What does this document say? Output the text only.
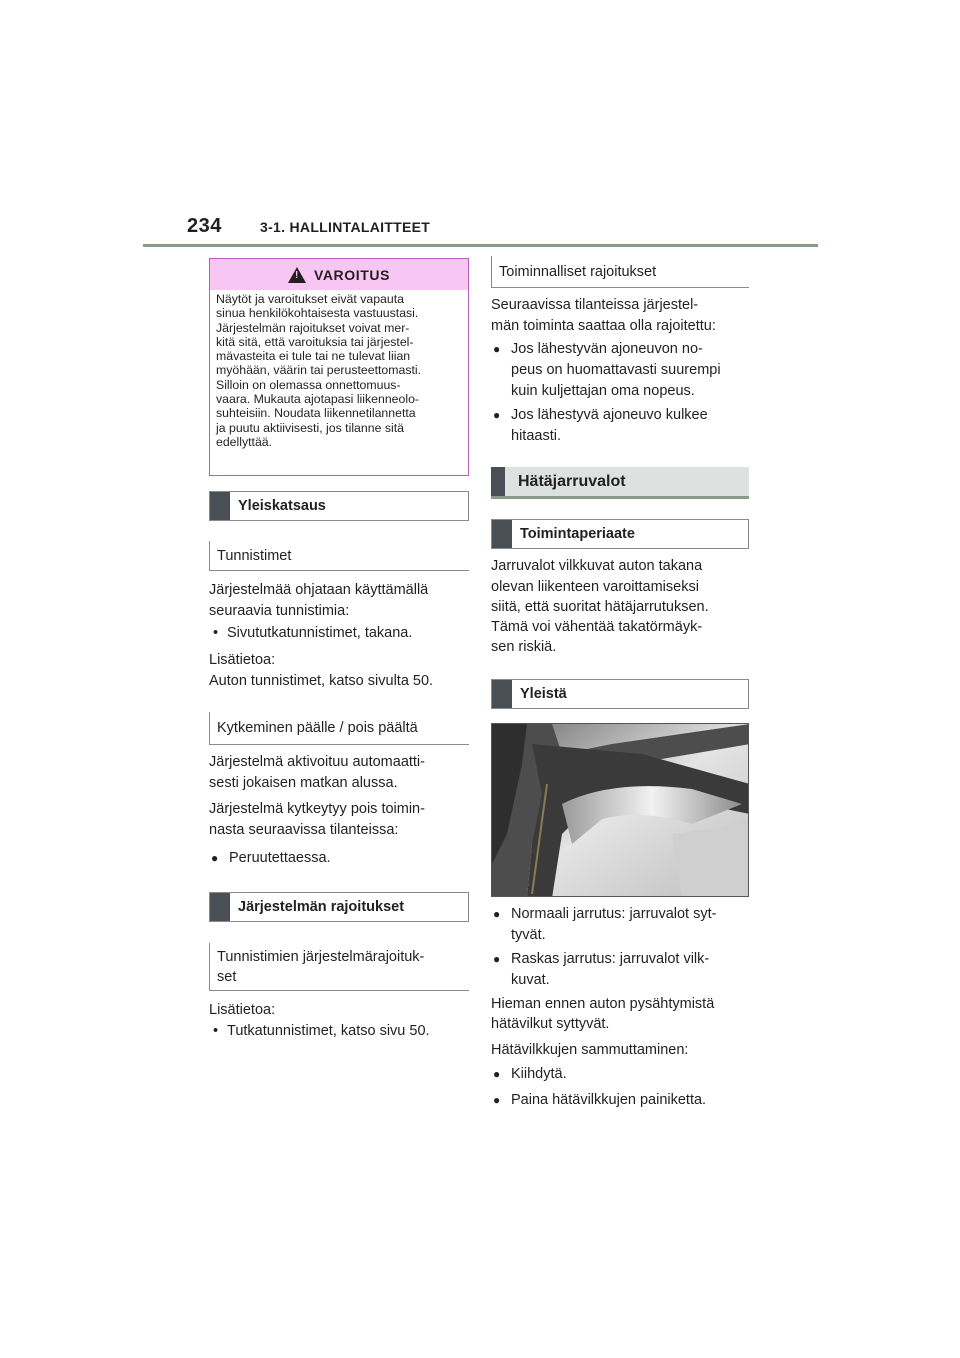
234	3-1. HALLINTALAITTEET
! VAROITUS
Näytöt ja varoitukset eivät vapauta
sinua henkilökohtaisesta vastuustasi.
Järjestelmän rajoitukset voivat mer-
kitä sitä, että varoituksia tai järjestel-
mävasteita ei tule tai ne tulevat liian
myöhään, väärin tai perusteettomasti.
Silloin on olemassa onnettomuus-
vaara. Mukauta ajotapasi liikenneolo-
suhteisiin. Noudata liikennetilannetta
ja puutu aktiivisesti, jos tilanne sitä
edellyttää.
Yleiskatsaus
Tunnistimet
Järjestelmää ohjataan käyttämällä
seuraavia tunnistimia:
• Sivututkatunnistimet, takana.
Lisätietoa:
Auton tunnistimet, katso sivulta 50.
Kytkeminen päälle / pois päältä
Järjestelmä aktivoituu automaatti-
sesti jokaisen matkan alussa.
Järjestelmä kytkeytyy pois toimin-
nasta seuraavissa tilanteissa:
● Peruutettaessa.
Järjestelmän rajoitukset
Tunnistimien järjestelmärajoituk-
set
Lisätietoa:
• Tutkatunnistimet, katso sivu 50.
Toiminnalliset rajoitukset
Seuraavissa tilanteissa järjestel-
män toiminta saattaa olla rajoitettu:
● Jos lähestyvän ajoneuvon no-
peus on huomattavasti suurempi
kuin kuljettajan oma nopeus.
● Jos lähestyvä ajoneuvo kulkee
hitaasti.
Hätäjarruvalot
Toimintaperiaate
Jarruvalot vilkkuvat auton takana
olevan liikenteen varoittamiseksi
siitä, että suoritat hätäjarrutuksen.
Tämä voi vähentää takatörmäyk-
sen riskiä.
Yleistä
● Normaali jarrutus: jarruvalot syt-
tyvät.
● Raskas jarrutus: jarruvalot vilk-
kuvat.
Hieman ennen auton pysähtymistä
hätävilkut syttyvät.
Hätävilkkujen sammuttaminen:
● Kiihdytä.
● Paina hätävilkkujen painiketta.
